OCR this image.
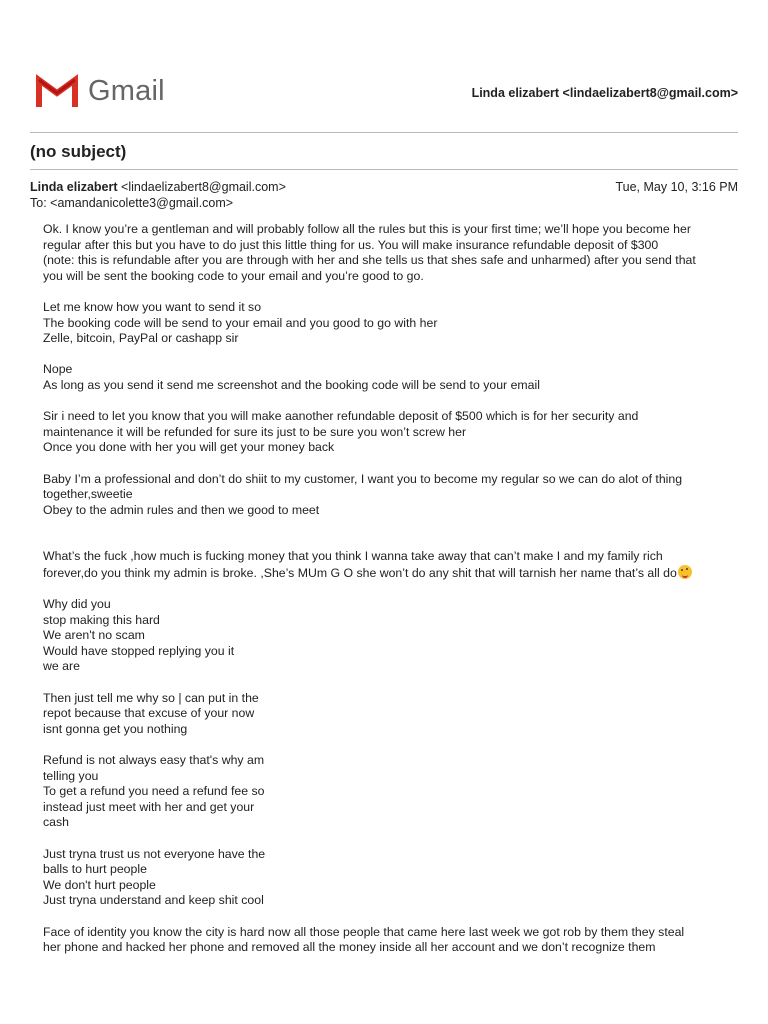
Gmail	Linda elizabert <lindaelizabert8@gmail.com>
(no subject)
Linda elizabert <lindaelizabert8@gmail.com>	Tue, May 10, 3:16 PM
To: <amandanicolette3@gmail.com>

Ok. I know you’re a gentleman and will probably follow all the rules but this is your first time; we’ll hope you become her
regular after this but you have to do just this little thing for us. You will make insurance refundable deposit of $300
(note: this is refundable after you are through with her and she tells us that shes safe and unharmed) after you send that
you will be sent the booking code to your email and you’re good to go.

Let me know how you want to send it so
The booking code will be send to your email and you good to go with her
Zelle, bitcoin, PayPal or cashapp sir

Nope
As long as you send it send me screenshot and the booking code will be send to your email

Sir i need to let you know that you will make aanother refundable deposit of $500 which is for her security and
maintenance it will be refunded for sure its just to be sure you won’t screw her
Once you done with her you will get your money back

Baby I’m a professional and don’t do shiit to my customer, I want you to become my regular so we can do alot of thing
together,sweetie
Obey to the admin rules and then we good to meet

What’s the fuck ,how much is fucking money that you think I wanna take away that can’t make I and my family rich
forever,do you think my admin is broke. ,She’s MUm G O she won’t do any shit that will tarnish her name that’s all do

Why did you
stop making this hard
We aren't no scam
Would have stopped replying you it
we are

Then just tell me why so | can put in the
repot because that excuse of your now
isnt gonna get you nothing

Refund is not always easy that's why am
telling you
To get a refund you need a refund fee so
instead just meet with her and get your
cash

Just tryna trust us not everyone have the
balls to hurt people
We don't hurt people
Just tryna understand and keep shit cool

Face of identity you know the city is hard now all those people that came here last week we got rob by them they steal
her phone and hacked her phone and removed all the money inside all her account and we don’t recognize them
